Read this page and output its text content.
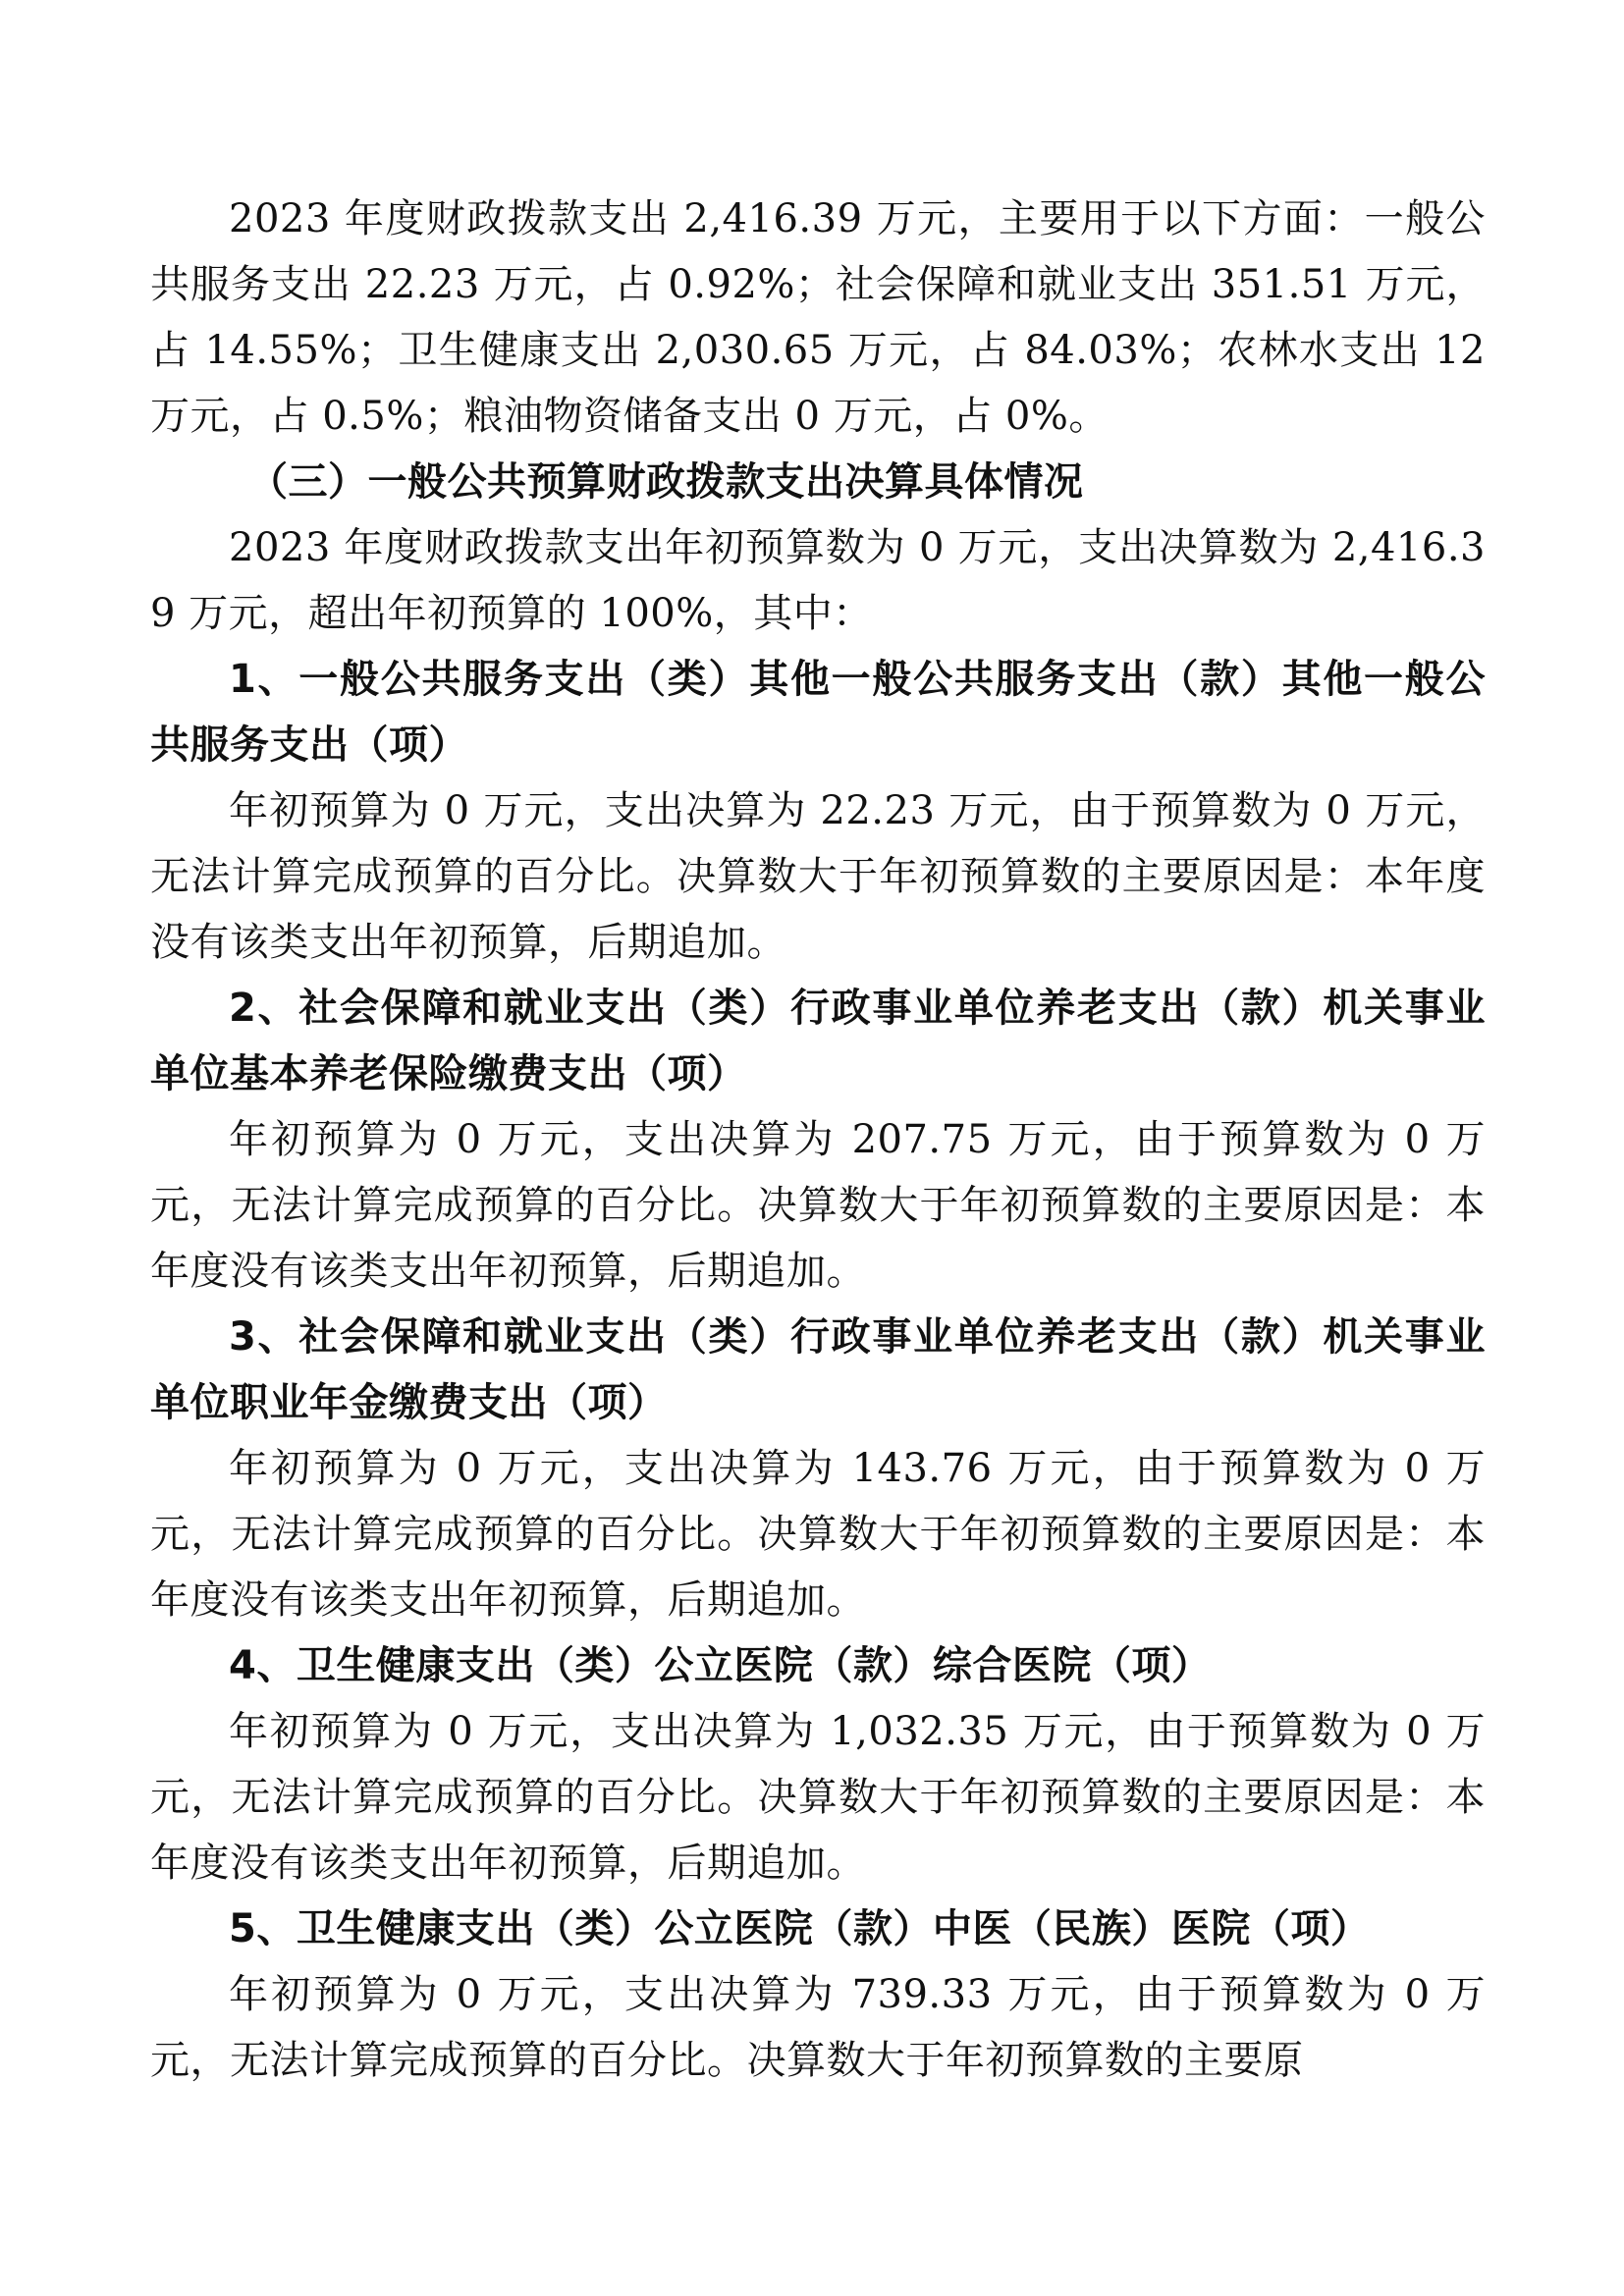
2023 年度财政拨款支出 2,416.39 万元，主要用于以下方面：一般公共服务支出 22.23 万元，占 0.92%；社会保障和就业支出 351.51 万元，占 14.55%；卫生健康支出 2,030.65 万元，占 84.03%；农林水支出 12 万元，占 0.5%；粮油物资储备支出 0 万元，占 0%。

（三）一般公共预算财政拨款支出决算具体情况

2023 年度财政拨款支出年初预算数为 0 万元，支出决算数为 2,416.39 万元，超出年初预算的 100%，其中：

1、一般公共服务支出（类）其他一般公共服务支出（款）其他一般公共服务支出（项）

年初预算为 0 万元，支出决算为 22.23 万元，由于预算数为 0 万元，无法计算完成预算的百分比。决算数大于年初预算数的主要原因是：本年度没有该类支出年初预算，后期追加。

2、社会保障和就业支出（类）行政事业单位养老支出（款）机关事业单位基本养老保险缴费支出（项）

年初预算为 0 万元，支出决算为 207.75 万元，由于预算数为 0 万元，无法计算完成预算的百分比。决算数大于年初预算数的主要原因是：本年度没有该类支出年初预算，后期追加。

3、社会保障和就业支出（类）行政事业单位养老支出（款）机关事业单位职业年金缴费支出（项）

年初预算为 0 万元，支出决算为 143.76 万元，由于预算数为 0 万元，无法计算完成预算的百分比。决算数大于年初预算数的主要原因是：本年度没有该类支出年初预算，后期追加。

4、卫生健康支出（类）公立医院（款）综合医院（项）

年初预算为 0 万元，支出决算为 1,032.35 万元，由于预算数为 0 万元，无法计算完成预算的百分比。决算数大于年初预算数的主要原因是：本年度没有该类支出年初预算，后期追加。

5、卫生健康支出（类）公立医院（款）中医（民族）医院（项）

年初预算为 0 万元，支出决算为 739.33 万元，由于预算数为 0 万元，无法计算完成预算的百分比。决算数大于年初预算数的主要原
